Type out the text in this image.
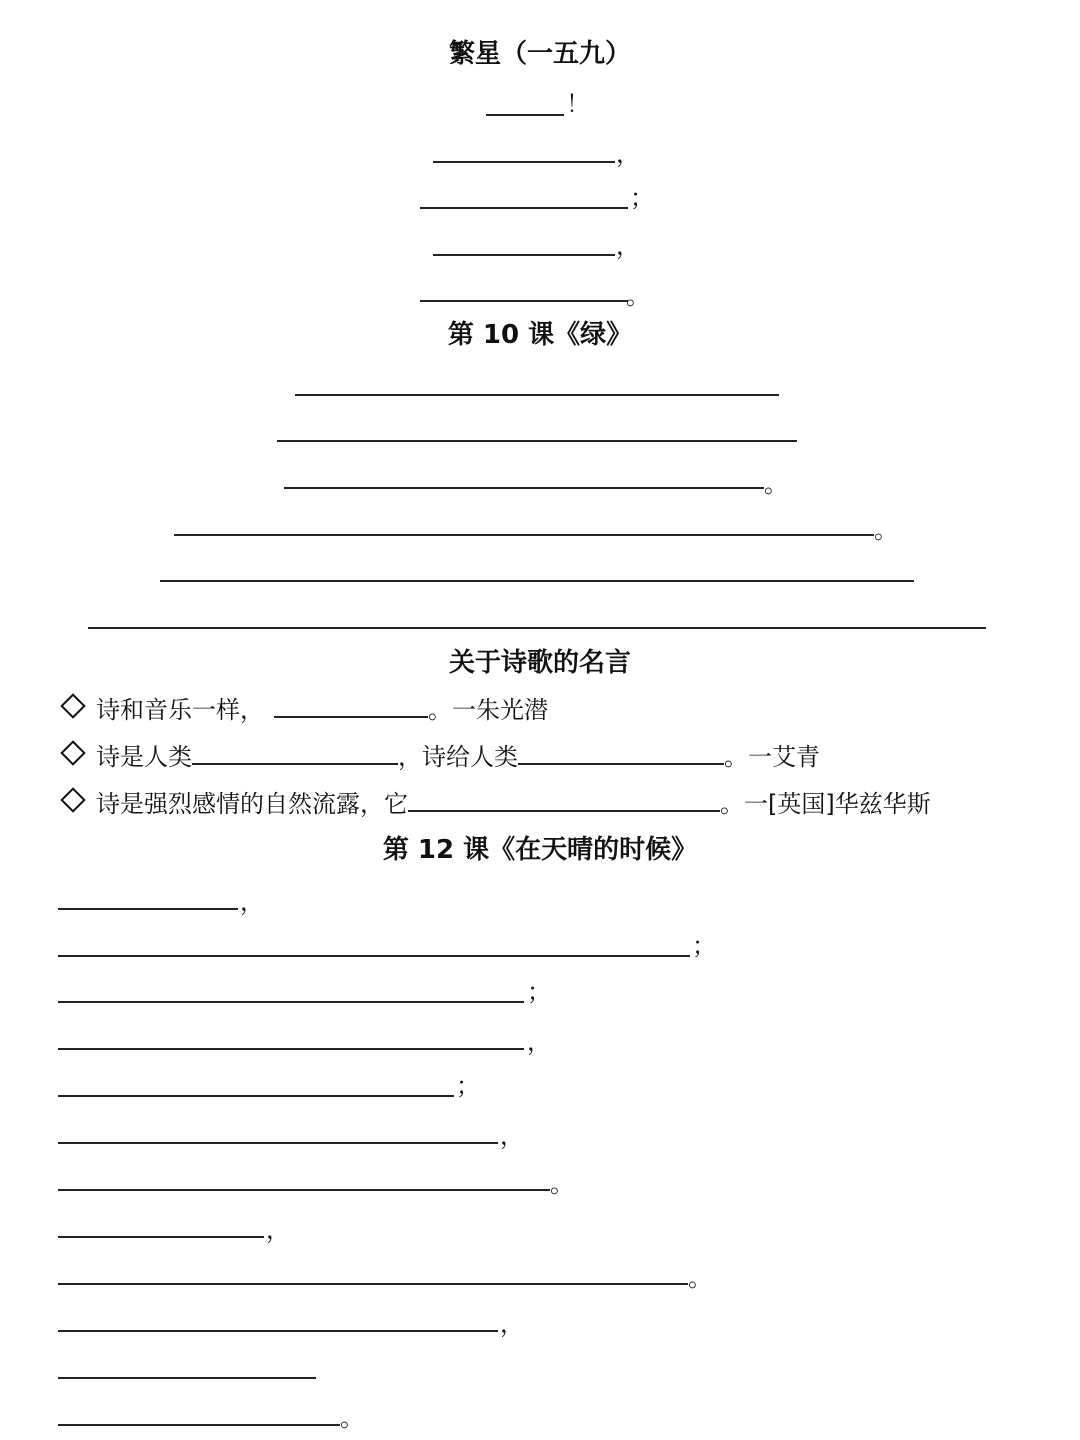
繁星（一五九）
！
，
；
，
。
第 10 课《绿》
。
。
关于诗歌的名言
诗和音乐一样，	。一朱光潜
诗是人类	，诗给人类	。一艾青
诗是强烈感情的自然流露，它	。一[英国]华兹华斯
第 12 课《在天晴的时候》
，
；
；
，
；
，
。
，
。
，
。
